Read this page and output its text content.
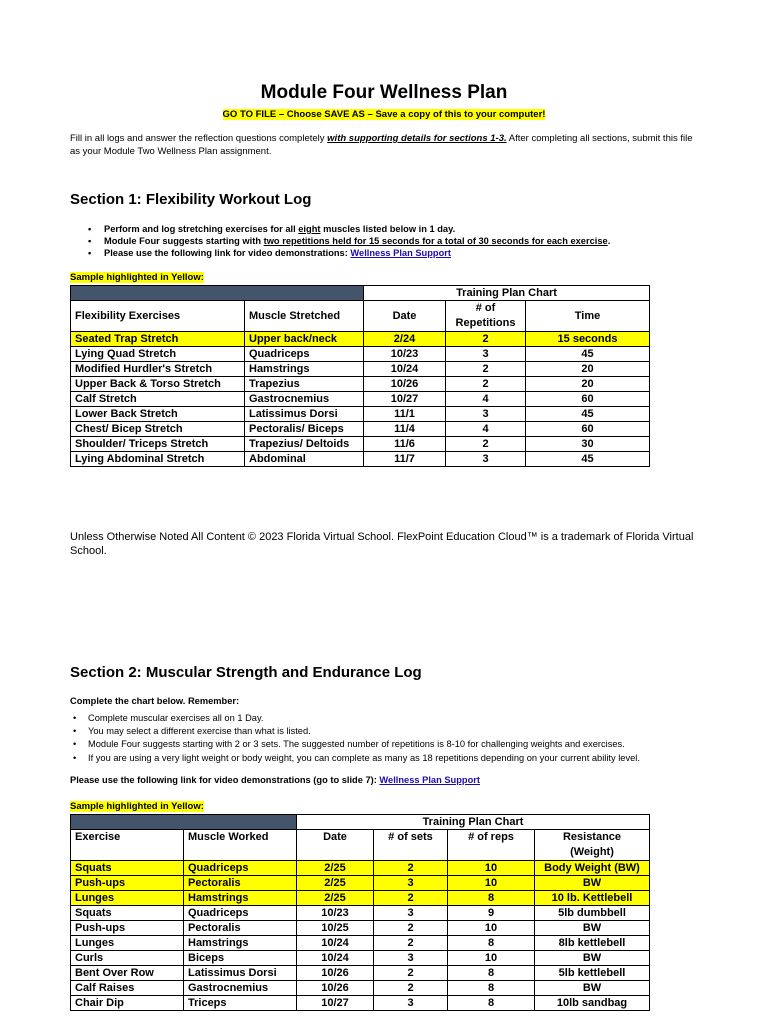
Module Four Wellness Plan
GO TO FILE – Choose SAVE AS – Save a copy of this to your computer!
Fill in all logs and answer the reflection questions completely with supporting details for sections 1-3. After completing all sections, submit this file as your Module Two Wellness Plan assignment.
Section 1: Flexibility Workout Log
• Perform and log stretching exercises for all eight muscles listed below in 1 day.
• Module Four suggests starting with two repetitions held for 15 seconds for a total of 30 seconds for each exercise.
• Please use the following link for video demonstrations: Wellness Plan Support
Sample highlighted in Yellow:
		Training Plan Chart		
Flexibility Exercises	Muscle Stretched	Date	# of Repetitions	Time
Seated Trap Stretch	Upper back/neck	2/24	2	15 seconds
Lying Quad Stretch	Quadriceps	10/23	3	45
Modified Hurdler's Stretch	Hamstrings	10/24	2	20
Upper Back & Torso Stretch	Trapezius	10/26	2	20
Calf Stretch	Gastrocnemius	10/27	4	60
Lower Back Stretch	Latissimus Dorsi	11/1	3	45
Chest/ Bicep Stretch	Pectoralis/ Biceps	11/4	4	60
Shoulder/ Triceps Stretch	Trapezius/ Deltoids	11/6	2	30
Lying Abdominal Stretch	Abdominal	11/7	3	45
Unless Otherwise Noted All Content © 2023 Florida Virtual School. FlexPoint Education Cloud™ is a trademark of Florida Virtual School.
Section 2: Muscular Strength and Endurance Log
Complete the chart below. Remember:
• Complete muscular exercises all on 1 Day.
• You may select a different exercise than what is listed.
• Module Four suggests starting with 2 or 3 sets. The suggested number of repetitions is 8-10 for challenging weights and exercises.
• If you are using a very light weight or body weight, you can complete as many as 18 repetitions depending on your current ability level.
Please use the following link for video demonstrations (go to slide 7): Wellness Plan Support
Sample highlighted in Yellow:
		Training Plan Chart			
Exercise	Muscle Worked	Date	# of sets	# of reps	Resistance
(Weight)
Squats	Quadriceps	2/25	2	10	Body Weight (BW)
Push-ups	Pectoralis	2/25	3	10	BW
Lunges	Hamstrings	2/25	2	8	10 lb. Kettlebell
Squats	Quadriceps	10/23	3	9	5lb dumbbell
Push-ups	Pectoralis	10/25	2	10	BW
Lunges	Hamstrings	10/24	2	8	8lb kettlebell
Curls	Biceps	10/24	3	10	BW
Bent Over Row	Latissimus Dorsi	10/26	2	8	5lb kettlebell
Calf Raises	Gastrocnemius	10/26	2	8	BW
Chair Dip	Triceps	10/27	3	8	10lb sandbag
